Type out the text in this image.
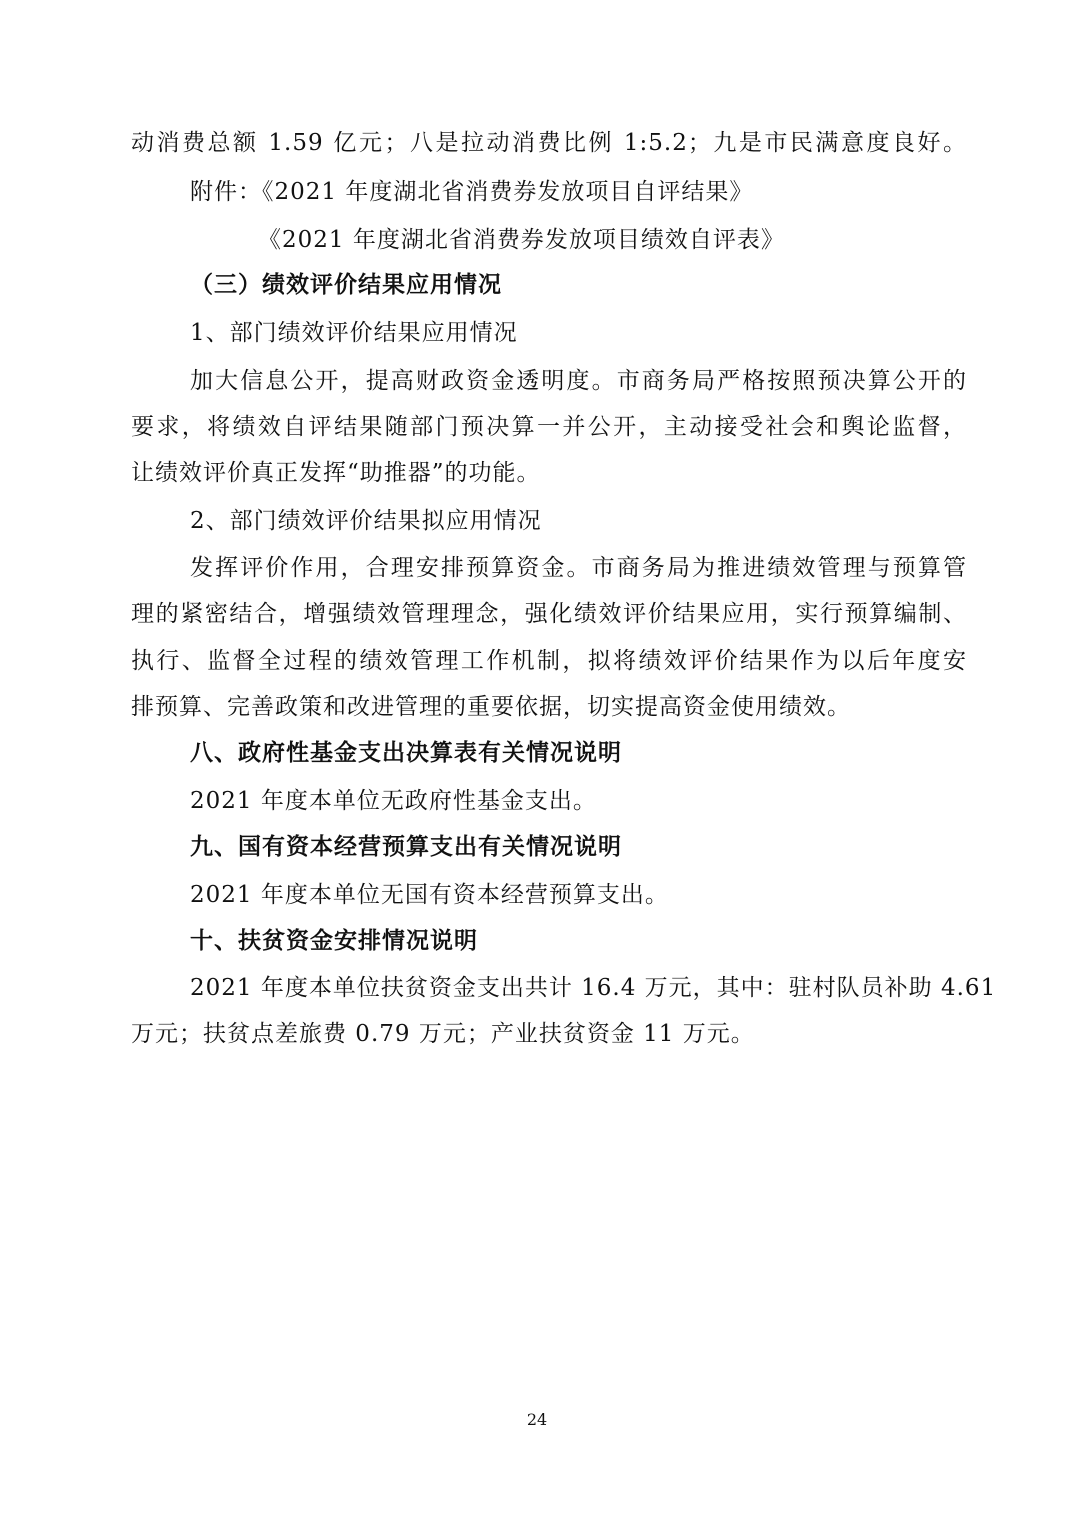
动消费总额 1.59 亿元；八是拉动消费比例 1:5.2；九是市民满意度良好。
附件：《2021 年度湖北省消费券发放项目自评结果》
《2021 年度湖北省消费券发放项目绩效自评表》
（三）绩效评价结果应用情况
1、部门绩效评价结果应用情况
加大信息公开，提高财政资金透明度。市商务局严格按照预决算公开的
要求，将绩效自评结果随部门预决算一并公开，主动接受社会和舆论监督，
让绩效评价真正发挥“助推器”的功能。
2、部门绩效评价结果拟应用情况
发挥评价作用，合理安排预算资金。市商务局为推进绩效管理与预算管
理的紧密结合，增强绩效管理理念，强化绩效评价结果应用，实行预算编制、
执行、监督全过程的绩效管理工作机制，拟将绩效评价结果作为以后年度安
排预算、完善政策和改进管理的重要依据，切实提高资金使用绩效。
八、政府性基金支出决算表有关情况说明
2021 年度本单位无政府性基金支出。
九、国有资本经营预算支出有关情况说明
2021 年度本单位无国有资本经营预算支出。
十、扶贫资金安排情况说明
2021 年度本单位扶贫资金支出共计 16.4 万元，其中：驻村队员补助 4.61
万元；扶贫点差旅费 0.79 万元；产业扶贫资金 11 万元。
24
